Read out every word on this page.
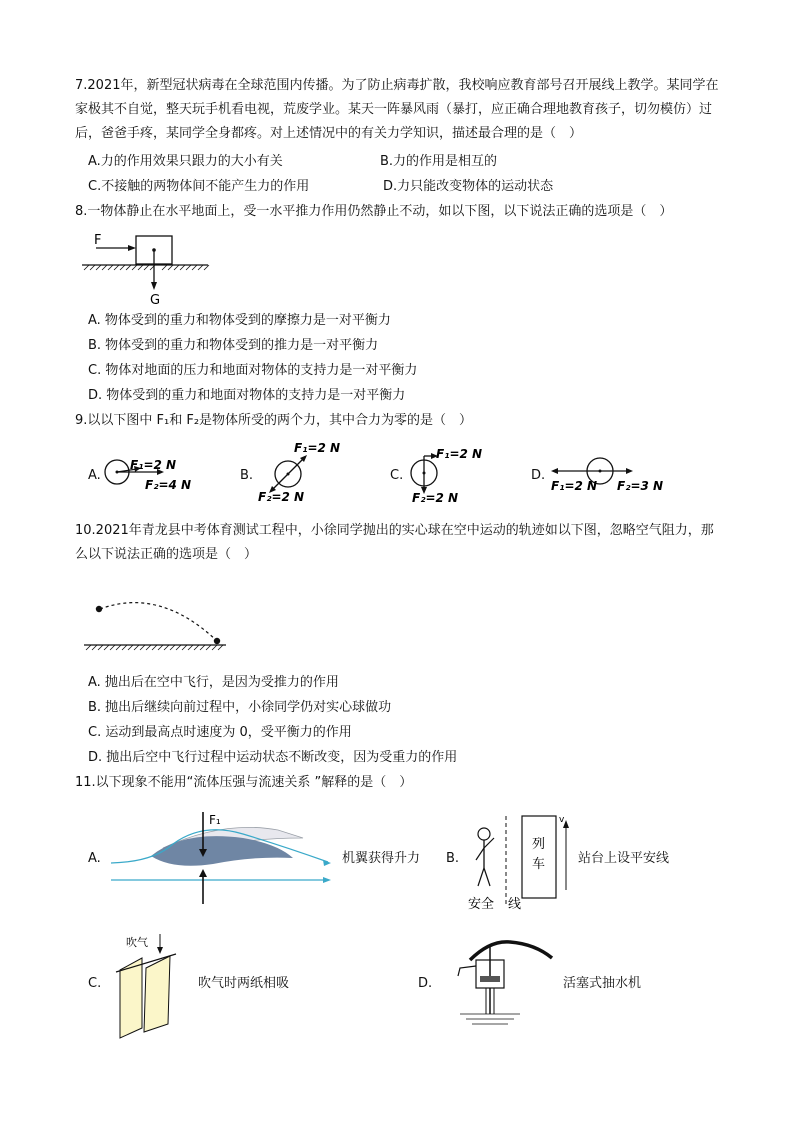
7.2021年，新型冠状病毒在全球范围内传播。为了防止病毒扩散，我校响应教育部号召开展线上教学。某同学在家极其不自觉，整天玩手机看电视，荒废学业。某天一阵暴风雨（暴打，应正确合理地教育孩子，切勿模仿）过后，爸爸手疼，某同学全身都疼。对上述情况中的有关力学知识，描述最合理的是（　）
A.力的作用效果只跟力的大小有关	B.力的作用是相互的
C.不接触的两物体间不能产生力的作用	D.力只能改变物体的运动状态
8.一物体静止在水平地面上，受一水平推力作用仍然静止不动，如以下图，以下说法正确的选项是（　）
F
G
A. 物体受到的重力和物体受到的摩擦力是一对平衡力
B. 物体受到的重力和物体受到的推力是一对平衡力
C. 物体对地面的压力和地面对物体的支持力是一对平衡力
D. 物体受到的重力和地面对物体的支持力是一对平衡力
9.以以下图中 F₁和 F₂是物体所受的两个力，其中合力为零的是（　）
A.
F₁=2 N
F₂=4 N
B.
F₁=2 N
F₂=2 N
C.
F₁=2 N
F₂=2 N
D.
F₁=2 N F₂=3 N
10.2021年青龙县中考体育测试工程中，小徐同学抛出的实心球在空中运动的轨迹如以下图，忽略空气阻力，那么以下说法正确的选项是（　）
A. 抛出后在空中飞行，是因为受推力的作用
B. 抛出后继续向前过程中，小徐同学仍对实心球做功
C. 运动到最高点时速度为 0，受平衡力的作用
D. 抛出后空中飞行过程中运动状态不断改变，因为受重力的作用
11.以下现象不能用“流体压强与流速关系 ”解释的是（　）
A.
F₁
机翼获得升力 B.
列
车
v
安全 线
站台上设平安线
C.
吹气
吹气时两纸相吸	D.	活塞式抽水机
